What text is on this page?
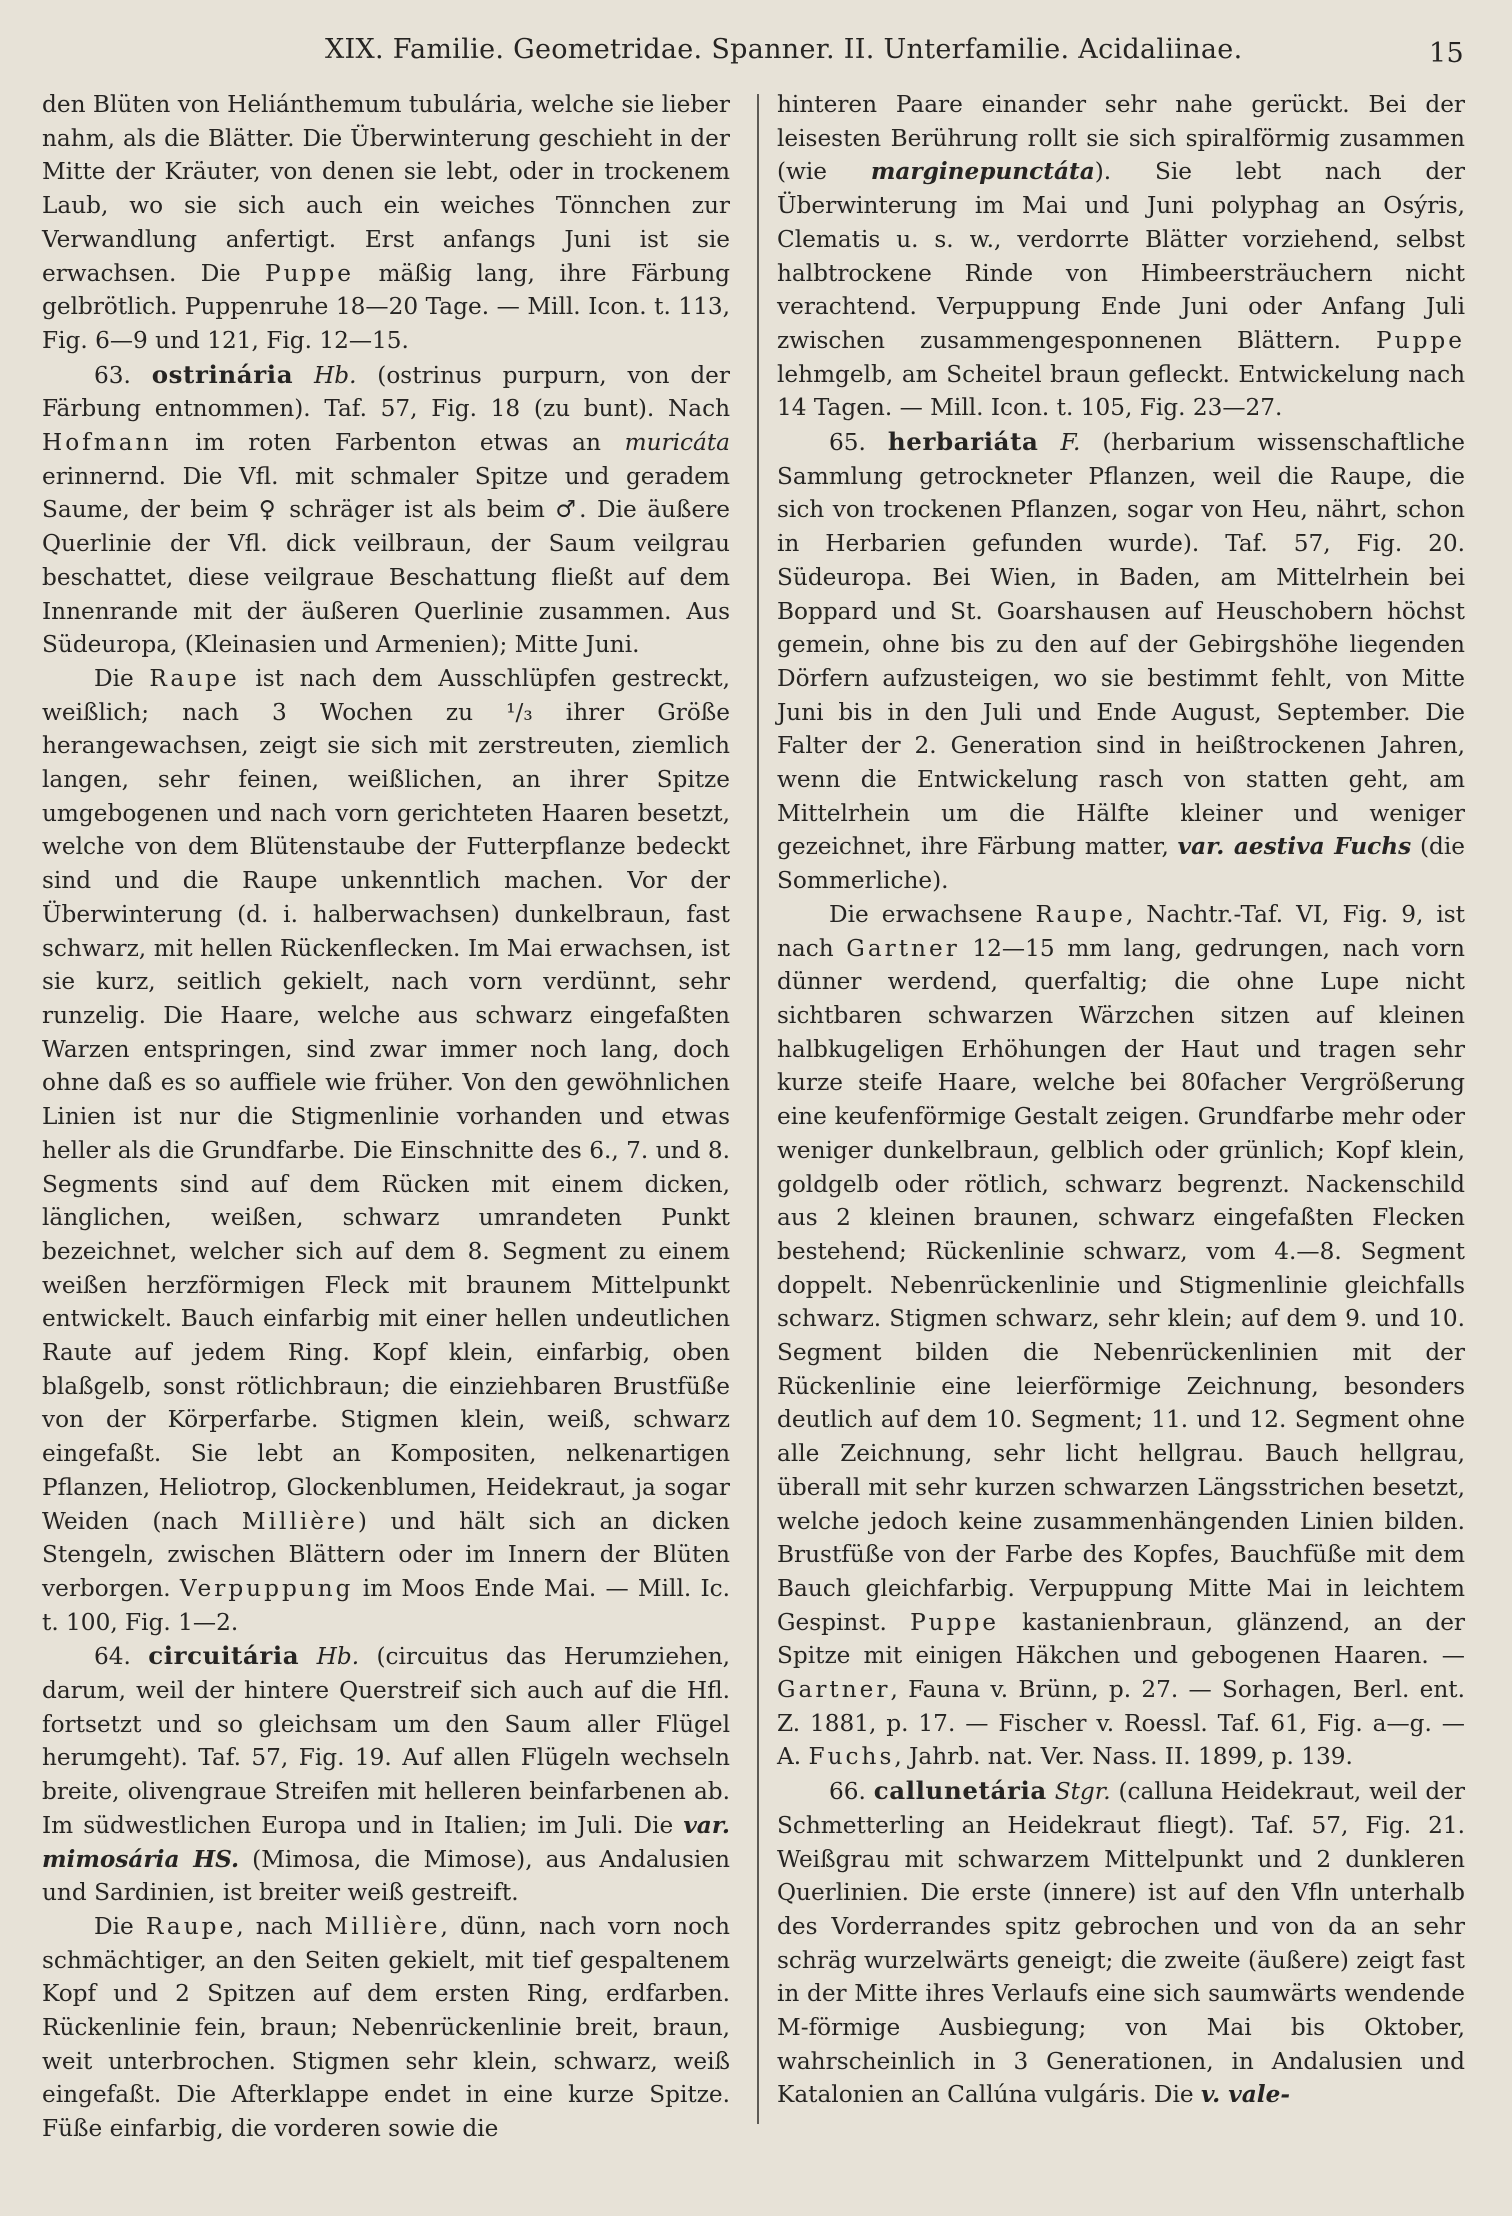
XIX. Familie. Geometridae. Spanner. II. Unterfamilie. Acidaliinae.	15

den Blüten von Heliánthemum tubulária, welche sie lieber nahm, als die Blätter. Die Überwinterung geschieht in der Mitte der Kräuter, von denen sie lebt, oder in trockenem Laub, wo sie sich auch ein weiches Tönnchen zur Verwandlung anfertigt. Erst anfangs Juni ist sie erwachsen. Die Puppe mäßig lang, ihre Färbung gelbrötlich. Puppenruhe 18—20 Tage. — Mill. Icon. t. 113, Fig. 6—9 und 121, Fig. 12—15.

63. ostrinária Hb. (ostrinus purpurn, von der Färbung entnommen). Taf. 57, Fig. 18 (zu bunt). Nach Hofmann im roten Farbenton etwas an muricáta erinnernd. Die Vfl. mit schmaler Spitze und geradem Saume, der beim ♀ schräger ist als beim ♂. Die äußere Querlinie der Vfl. dick veilbraun, der Saum veilgrau beschattet, diese veilgraue Beschattung fließt auf dem Innenrande mit der äußeren Querlinie zusammen. Aus Südeuropa, (Kleinasien und Armenien); Mitte Juni.

Die Raupe ist nach dem Ausschlüpfen gestreckt, weißlich; nach 3 Wochen zu ¹/₃ ihrer Größe herangewachsen, zeigt sie sich mit zerstreuten, ziemlich langen, sehr feinen, weißlichen, an ihrer Spitze umgebogenen und nach vorn gerichteten Haaren besetzt, welche von dem Blütenstaube der Futterpflanze bedeckt sind und die Raupe unkenntlich machen. Vor der Überwinterung (d. i. halberwachsen) dunkelbraun, fast schwarz, mit hellen Rückenflecken. Im Mai erwachsen, ist sie kurz, seitlich gekielt, nach vorn verdünnt, sehr runzelig. Die Haare, welche aus schwarz eingefaßten Warzen entspringen, sind zwar immer noch lang, doch ohne daß es so auffiele wie früher. Von den gewöhnlichen Linien ist nur die Stigmenlinie vorhanden und etwas heller als die Grundfarbe. Die Einschnitte des 6., 7. und 8. Segments sind auf dem Rücken mit einem dicken, länglichen, weißen, schwarz umrandeten Punkt bezeichnet, welcher sich auf dem 8. Segment zu einem weißen herzförmigen Fleck mit braunem Mittelpunkt entwickelt. Bauch einfarbig mit einer hellen undeutlichen Raute auf jedem Ring. Kopf klein, einfarbig, oben blaßgelb, sonst rötlichbraun; die einziehbaren Brustfüße von der Körperfarbe. Stigmen klein, weiß, schwarz eingefaßt. Sie lebt an Kompositen, nelkenartigen Pflanzen, Heliotrop, Glockenblumen, Heidekraut, ja sogar Weiden (nach Millière) und hält sich an dicken Stengeln, zwischen Blättern oder im Innern der Blüten verborgen. Verpuppung im Moos Ende Mai. — Mill. Ic. t. 100, Fig. 1—2.

64. circuitária Hb. (circuitus das Herumziehen, darum, weil der hintere Querstreif sich auch auf die Hfl. fortsetzt und so gleichsam um den Saum aller Flügel herumgeht). Taf. 57, Fig. 19. Auf allen Flügeln wechseln breite, olivengraue Streifen mit helleren beinfarbenen ab. Im südwestlichen Europa und in Italien; im Juli. Die var. mimosária HS. (Mimosa, die Mimose), aus Andalusien und Sardinien, ist breiter weiß gestreift.

Die Raupe, nach Millière, dünn, nach vorn noch schmächtiger, an den Seiten gekielt, mit tief gespaltenem Kopf und 2 Spitzen auf dem ersten Ring, erdfarben. Rückenlinie fein, braun; Nebenrückenlinie breit, braun, weit unterbrochen. Stigmen sehr klein, schwarz, weiß eingefaßt. Die Afterklappe endet in eine kurze Spitze. Füße einfarbig, die vorderen sowie die

hinteren Paare einander sehr nahe gerückt. Bei der leisesten Berührung rollt sie sich spiralförmig zusammen (wie marginepunctáta). Sie lebt nach der Überwinterung im Mai und Juni polyphag an Osýris, Clematis u. s. w., verdorrte Blätter vorziehend, selbst halbtrockene Rinde von Himbeersträuchern nicht verachtend. Verpuppung Ende Juni oder Anfang Juli zwischen zusammengesponnenen Blättern. Puppe lehmgelb, am Scheitel braun gefleckt. Entwickelung nach 14 Tagen. — Mill. Icon. t. 105, Fig. 23—27.

65. herbariáta F. (herbarium wissenschaftliche Sammlung getrockneter Pflanzen, weil die Raupe, die sich von trockenen Pflanzen, sogar von Heu, nährt, schon in Herbarien gefunden wurde). Taf. 57, Fig. 20. Südeuropa. Bei Wien, in Baden, am Mittelrhein bei Boppard und St. Goarshausen auf Heuschobern höchst gemein, ohne bis zu den auf der Gebirgshöhe liegenden Dörfern aufzusteigen, wo sie bestimmt fehlt, von Mitte Juni bis in den Juli und Ende August, September. Die Falter der 2. Generation sind in heißtrockenen Jahren, wenn die Entwickelung rasch von statten geht, am Mittelrhein um die Hälfte kleiner und weniger gezeichnet, ihre Färbung matter, var. aestiva Fuchs (die Sommerliche).

Die erwachsene Raupe, Nachtr.-Taf. VI, Fig. 9, ist nach Gartner 12—15 mm lang, gedrungen, nach vorn dünner werdend, querfaltig; die ohne Lupe nicht sichtbaren schwarzen Wärzchen sitzen auf kleinen halbkugeligen Erhöhungen der Haut und tragen sehr kurze steife Haare, welche bei 80facher Vergrößerung eine keufenförmige Gestalt zeigen. Grundfarbe mehr oder weniger dunkelbraun, gelblich oder grünlich; Kopf klein, goldgelb oder rötlich, schwarz begrenzt. Nackenschild aus 2 kleinen braunen, schwarz eingefaßten Flecken bestehend; Rückenlinie schwarz, vom 4.—8. Segment doppelt. Nebenrückenlinie und Stigmenlinie gleichfalls schwarz. Stigmen schwarz, sehr klein; auf dem 9. und 10. Segment bilden die Nebenrückenlinien mit der Rückenlinie eine leierförmige Zeichnung, besonders deutlich auf dem 10. Segment; 11. und 12. Segment ohne alle Zeichnung, sehr licht hellgrau. Bauch hellgrau, überall mit sehr kurzen schwarzen Längsstrichen besetzt, welche jedoch keine zusammenhängenden Linien bilden. Brustfüße von der Farbe des Kopfes, Bauchfüße mit dem Bauch gleichfarbig. Verpuppung Mitte Mai in leichtem Gespinst. Puppe kastanienbraun, glänzend, an der Spitze mit einigen Häkchen und gebogenen Haaren. — Gartner, Fauna v. Brünn, p. 27. — Sorhagen, Berl. ent. Z. 1881, p. 17. — Fischer v. Roessl. Taf. 61, Fig. a—g. — A. Fuchs, Jahrb. nat. Ver. Nass. II. 1899, p. 139.

66. callunetária Stgr. (calluna Heidekraut, weil der Schmetterling an Heidekraut fliegt). Taf. 57, Fig. 21. Weißgrau mit schwarzem Mittelpunkt und 2 dunkleren Querlinien. Die erste (innere) ist auf den Vfln unterhalb des Vorderrandes spitz gebrochen und von da an sehr schräg wurzelwärts geneigt; die zweite (äußere) zeigt fast in der Mitte ihres Verlaufs eine sich saumwärts wendende M-förmige Ausbiegung; von Mai bis Oktober, wahrscheinlich in 3 Generationen, in Andalusien und Katalonien an Callúna vulgáris. Die v. vale-
